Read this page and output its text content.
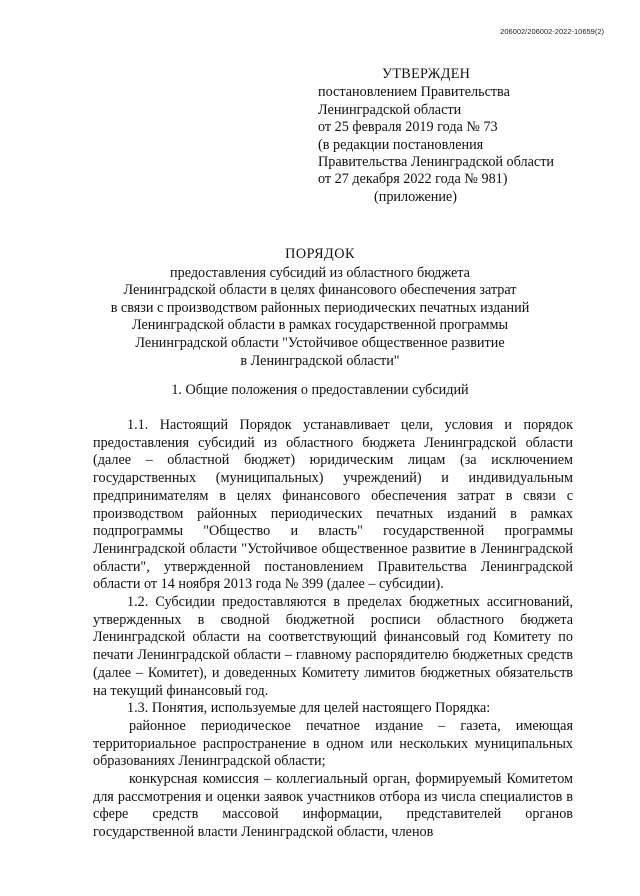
206002/206002-2022-10659(2)
УТВЕРЖДЕН
постановлением Правительства
Ленинградской области
от 25 февраля 2019 года № 73
(в редакции постановления
Правительства Ленинградской области
от 27 декабря 2022 года № 981)
(приложение)
ПОРЯДОК
предоставления субсидий из областного бюджета
Ленинградской области в целях финансового обеспечения затрат
в связи с производством районных периодических печатных изданий
Ленинградской области в рамках государственной программы
Ленинградской области "Устойчивое общественное развитие
в Ленинградской области"
1. Общие положения о предоставлении субсидий

1.1. Настоящий Порядок устанавливает цели, условия и порядок предоставления субсидий из областного бюджета Ленинградской области (далее – областной бюджет) юридическим лицам (за исключением государственных (муниципальных) учреждений) и индивидуальным предпринимателям в целях финансового обеспечения затрат в связи с производством районных периодических печатных изданий в рамках подпрограммы "Общество и власть" государственной программы Ленинградской области "Устойчивое общественное развитие в Ленинградской области", утвержденной постановлением Правительства Ленинградской области от 14 ноября 2013 года № 399 (далее – субсидии).

1.2. Субсидии предоставляются в пределах бюджетных ассигнований, утвержденных в сводной бюджетной росписи областного бюджета Ленинградской области на соответствующий финансовый год Комитету по печати Ленинградской области – главному распорядителю бюджетных средств (далее – Комитет), и доведенных Комитету лимитов бюджетных обязательств на текущий финансовый год.

1.3. Понятия, используемые для целей настоящего Порядка:

районное периодическое печатное издание – газета, имеющая территориальное распространение в одном или нескольких муниципальных образованиях Ленинградской области;

конкурсная комиссия – коллегиальный орган, формируемый Комитетом для рассмотрения и оценки заявок участников отбора из числа специалистов в сфере средств массовой информации, представителей органов государственной власти Ленинградской области, членов
